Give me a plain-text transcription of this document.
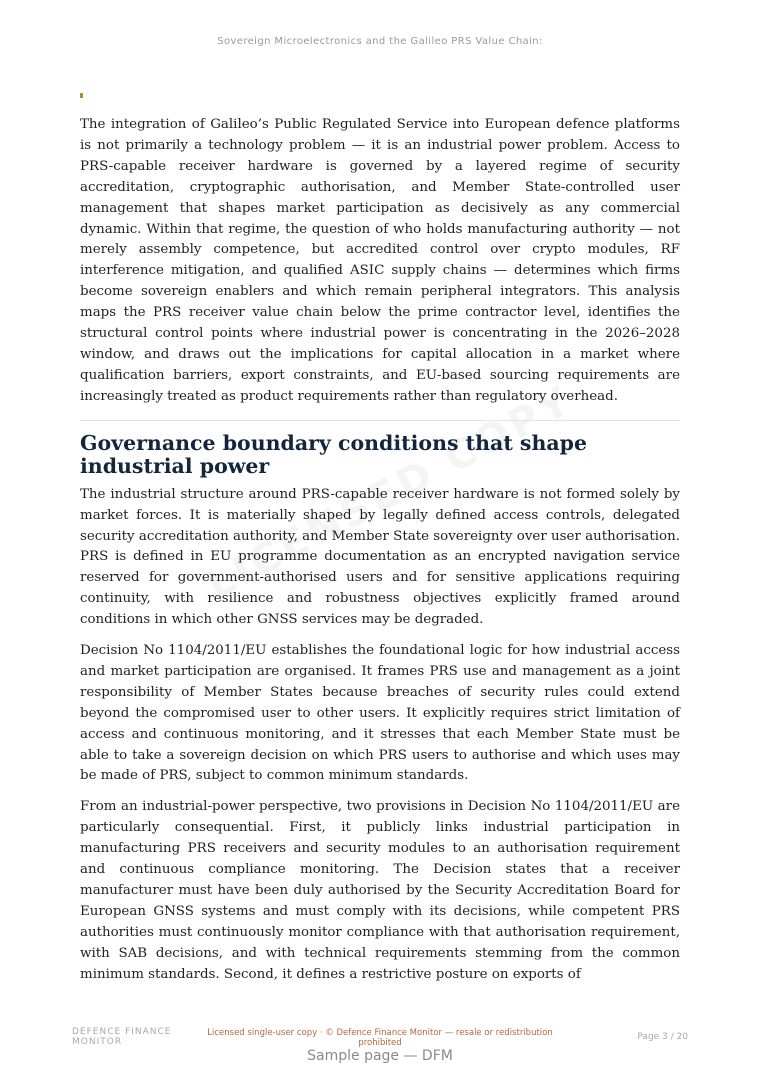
Sovereign Microelectronics and the Galileo PRS Value Chain:

The integration of Galileo’s Public Regulated Service into European defence platforms is not primarily a technology problem — it is an industrial power problem. Access to PRS-capable receiver hardware is governed by a layered regime of security accreditation, cryptographic authorisation, and Member State-controlled user management that shapes market participation as decisively as any commercial dynamic. Within that regime, the question of who holds manufacturing authority — not merely assembly competence, but accredited control over crypto modules, RF interference mitigation, and qualified ASIC supply chains — determines which firms become sovereign enablers and which remain peripheral integrators. This analysis maps the PRS receiver value chain below the prime contractor level, identifies the structural control points where industrial power is concentrating in the 2026–2028 window, and draws out the implications for capital allocation in a market where qualification barriers, export constraints, and EU-based sourcing requirements are increasingly treated as product requirements rather than regulatory overhead.

Governance boundary conditions that shape industrial power

The industrial structure around PRS-capable receiver hardware is not formed solely by market forces. It is materially shaped by legally defined access controls, delegated security accreditation authority, and Member State sovereignty over user authorisation. PRS is defined in EU programme documentation as an encrypted navigation service reserved for government-authorised users and for sensitive applications requiring continuity, with resilience and robustness objectives explicitly framed around conditions in which other GNSS services may be degraded.

Decision No 1104/2011/EU establishes the foundational logic for how industrial access and market participation are organised. It frames PRS use and management as a joint responsibility of Member States because breaches of security rules could extend beyond the compromised user to other users. It explicitly requires strict limitation of access and continuous monitoring, and it stresses that each Member State must be able to take a sovereign decision on which PRS users to authorise and which uses may be made of PRS, subject to common minimum standards.

From an industrial-power perspective, two provisions in Decision No 1104/2011/EU are particularly consequential. First, it publicly links industrial participation in manufacturing PRS receivers and security modules to an authorisation requirement and continuous compliance monitoring. The Decision states that a receiver manufacturer must have been duly authorised by the Security Accreditation Board for European GNSS systems and must comply with its decisions, while competent PRS authorities must continuously monitor compliance with that authorisation requirement, with SAB decisions, and with technical requirements stemming from the common minimum standards. Second, it defines a restrictive posture on exports of

DEFENCE FINANCE
MONITOR
Licensed single-user copy · © Defence Finance Monitor — resale or redistribution
prohibited
Page 3 / 20
Sample page — DFM
